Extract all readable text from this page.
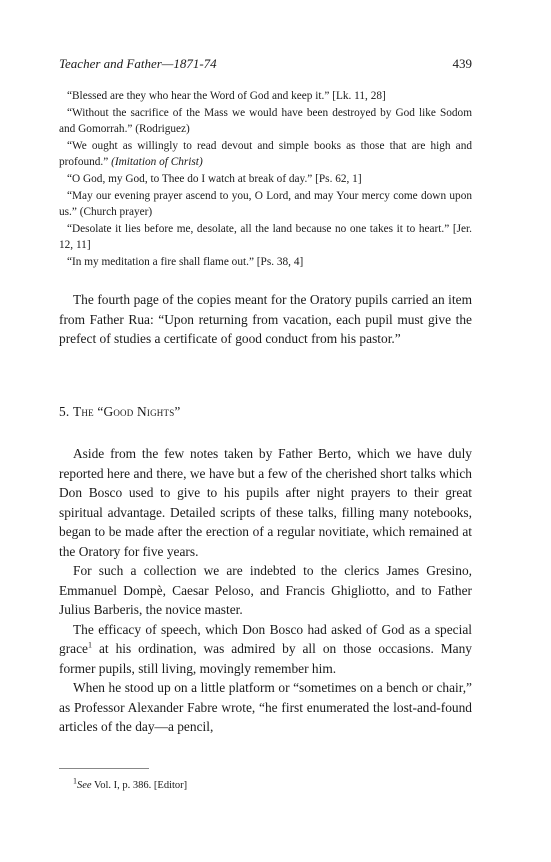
Teacher and Father—1871-74	439

“Blessed are they who hear the Word of God and keep it.” [Lk. 11, 28]

“Without the sacrifice of the Mass we would have been destroyed by God like Sodom and Gomorrah.” (Rodriguez)

“We ought as willingly to read devout and simple books as those that are high and profound.” (Imitation of Christ)

“O God, my God, to Thee do I watch at break of day.” [Ps. 62, 1]

“May our evening prayer ascend to you, O Lord, and may Your mercy come down upon us.” (Church prayer)

“Desolate it lies before me, desolate, all the land because no one takes it to heart.” [Jer. 12, 11]

“In my meditation a fire shall flame out.” [Ps. 38, 4]

The fourth page of the copies meant for the Oratory pupils carried an item from Father Rua: “Upon returning from vacation, each pupil must give the prefect of studies a certificate of good conduct from his pastor.”

5. The “Good Nights”

Aside from the few notes taken by Father Berto, which we have duly reported here and there, we have but a few of the cherished short talks which Don Bosco used to give to his pupils after night prayers to their great spiritual advantage. Detailed scripts of these talks, filling many notebooks, began to be made after the erection of a regular novitiate, which remained at the Oratory for five years.

For such a collection we are indebted to the clerics James Gresino, Emmanuel Dompè, Caesar Peloso, and Francis Ghigliotto, and to Father Julius Barberis, the novice master.

The efficacy of speech, which Don Bosco had asked of God as a special grace$^1$ at his ordination, was admired by all on those occasions. Many former pupils, still living, movingly remember him.

When he stood up on a little platform or “sometimes on a bench or chair,” as Professor Alexander Fabre wrote, “he first enumerated the lost-and-found articles of the day—a pencil,

$^1$See Vol. I, p. 386. [Editor]
